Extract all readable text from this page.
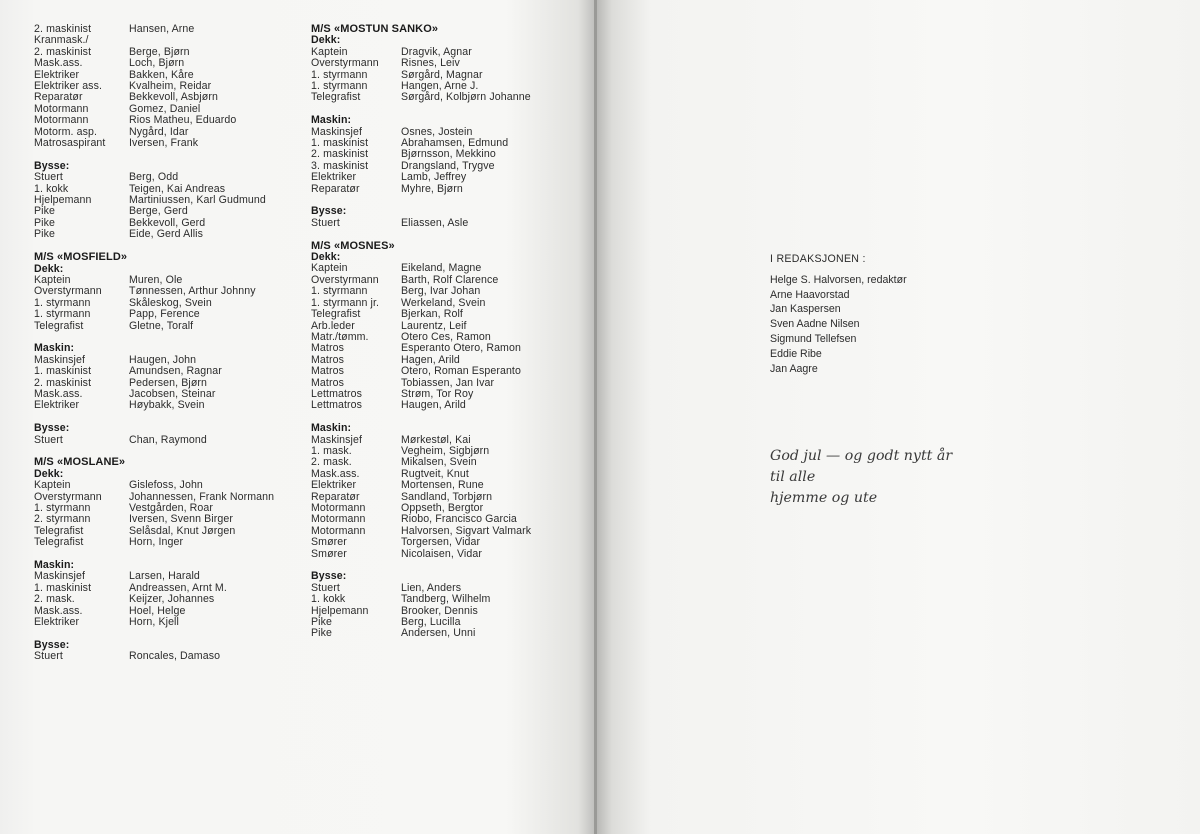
2. maskinist	Hansen, Arne
Kranmask./
2. maskinist	Berge, Bjørn
Mask.ass.	Loch, Bjørn
Elektriker	Bakken, Kåre
Elektriker ass.	Kvalheim, Reidar
Reparatør	Bekkevoll, Asbjørn
Motormann	Gomez, Daniel
Motormann	Rios Matheu, Eduardo
Motorm. asp.	Nygård, Idar
Matrosaspirant	Iversen, Frank
Bysse:
Stuert	Berg, Odd
1. kokk	Teigen, Kai Andreas
Hjelpemann	Martiniussen, Karl Gudmund
Pike	Berge, Gerd
Pike	Bekkevoll, Gerd
Pike	Eide, Gerd Allis
M/S «MOSFIELD»
Dekk:
Kaptein	Muren, Ole
Overstyrmann	Tønnessen, Arthur Johnny
1. styrmann	Skåleskog, Svein
1. styrmann	Papp, Ference
Telegrafist	Gletne, Toralf
Maskin:
Maskinsjef	Haugen, John
1. maskinist	Amundsen, Ragnar
2. maskinist	Pedersen, Bjørn
Mask.ass.	Jacobsen, Steinar
Elektriker	Høybakk, Svein
Bysse:
Stuert	Chan, Raymond
M/S «MOSLANE»
Dekk:
Kaptein	Gislefoss, John
Overstyrmann	Johannessen, Frank Normann
1. styrmann	Vestgården, Roar
2. styrmann	Iversen, Svenn Birger
Telegrafist	Selåsdal, Knut Jørgen
Telegrafist	Horn, Inger
Maskin:
Maskinsjef	Larsen, Harald
1. maskinist	Andreassen, Arnt M.
2. mask.	Keijzer, Johannes
Mask.ass.	Hoel, Helge
Elektriker	Horn, Kjell
Bysse:
Stuert	Roncales, Damaso
M/S «MOSTUN SANKO»
Dekk:
Kaptein	Dragvik, Agnar
Overstyrmann	Risnes, Leiv
1. styrmann	Sørgård, Magnar
1. styrmann	Hangen, Arne J.
Telegrafist	Sørgård, Kolbjørn Johanne
Maskin:
Maskinsjef	Osnes, Jostein
1. maskinist	Abrahamsen, Edmund
2. maskinist	Bjørnsson, Mekkino
3. maskinist	Drangsland, Trygve
Elektriker	Lamb, Jeffrey
Reparatør	Myhre, Bjørn
Bysse:
Stuert	Eliassen, Asle
M/S «MOSNES»
Dekk:
Kaptein	Eikeland, Magne
Overstyrmann	Barth, Rolf Clarence
1. styrmann	Berg, Ivar Johan
1. styrmann jr.	Werkeland, Svein
Telegrafist	Bjerkan, Rolf
Arb.leder	Laurentz, Leif
Matr./tømm.	Otero Ces, Ramon
Matros	Esperanto Otero, Ramon
Matros	Hagen, Arild
Matros	Otero, Roman Esperanto
Matros	Tobiassen, Jan Ivar
Lettmatros	Strøm, Tor Roy
Lettmatros	Haugen, Arild
Maskin:
Maskinsjef	Mørkestøl, Kai
1. mask.	Vegheim, Sigbjørn
2. mask.	Mikalsen, Svein
Mask.ass.	Rugtveit, Knut
Elektriker	Mortensen, Rune
Reparatør	Sandland, Torbjørn
Motormann	Oppseth, Bergtor
Motormann	Riobo, Francisco Garcia
Motormann	Halvorsen, Sigvart Valmark
Smører	Torgersen, Vidar
Smører	Nicolaisen, Vidar
Bysse:
Stuert	Lien, Anders
1. kokk	Tandberg, Wilhelm
Hjelpemann	Brooker, Dennis
Pike	Berg, Lucilla
Pike	Andersen, Unni
I REDAKSJONEN :
Helge S. Halvorsen, redaktør
Arne Haavorstad
Jan Kaspersen
Sven Aadne Nilsen
Sigmund Tellefsen
Eddie Ribe
Jan Aagre
God jul — og godt nytt år
til alle
hjemme og ute
